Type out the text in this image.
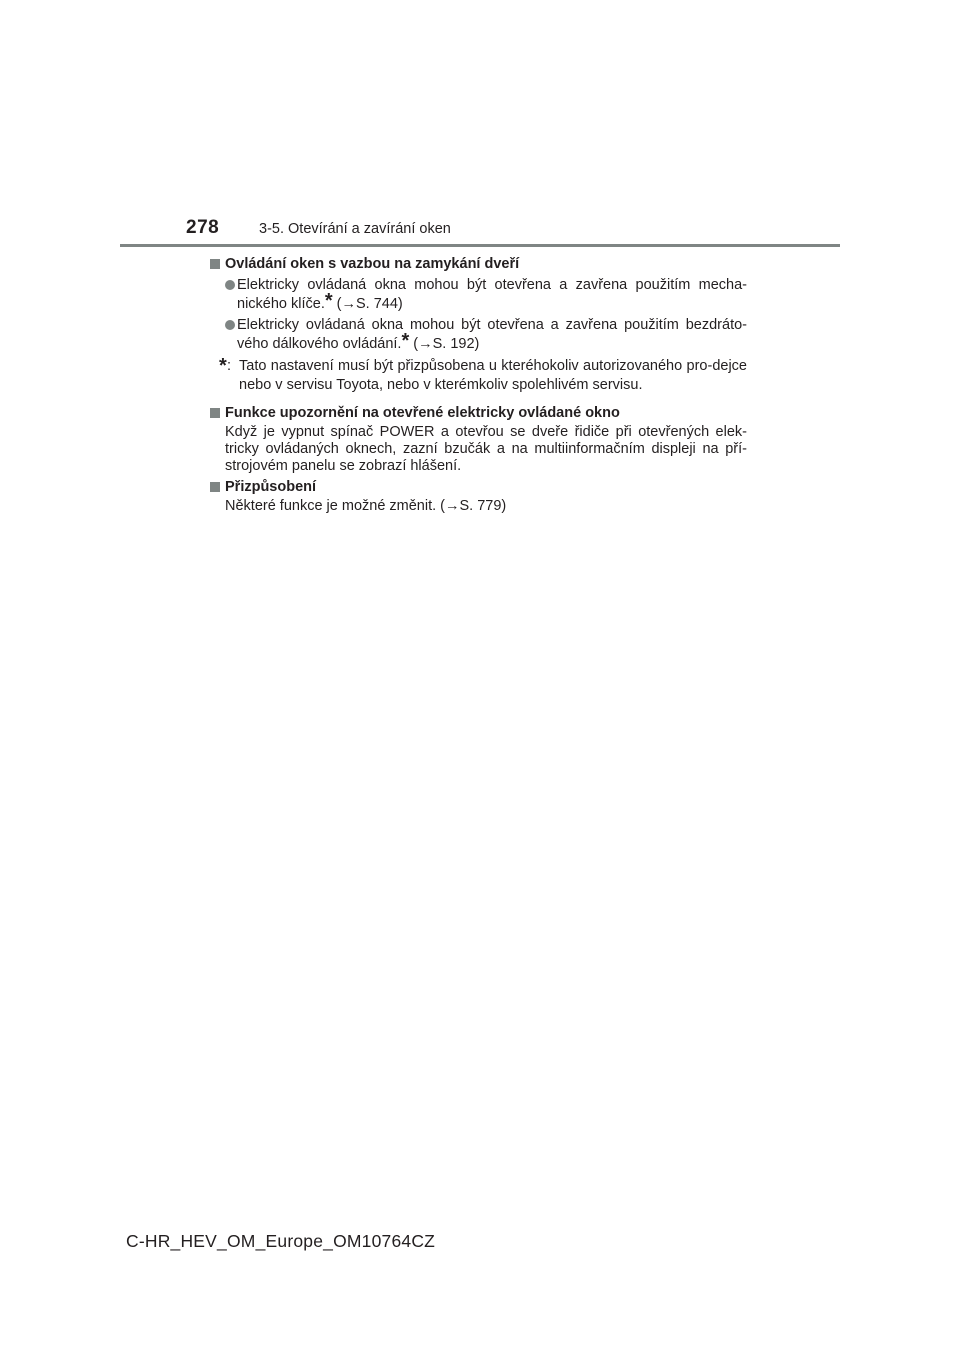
278	3-5. Otevírání a zavírání oken
Ovládání oken s vazbou na zamykání dveří
Elektricky ovládaná okna mohou být otevřena a zavřena použitím mecha-nického klíče.* (→S. 744)
Elektricky ovládaná okna mohou být otevřena a zavřena použitím bezdráto-vého dálkového ovládání.* (→S. 192)
* : Tato nastavení musí být přizpůsobena u kteréhokoliv autorizovaného pro-dejce nebo v servisu Toyota, nebo v kterémkoliv spolehlivém servisu.
Funkce upozornění na otevřené elektricky ovládané okno
Když je vypnut spínač POWER a otevřou se dveře řidiče při otevřených elek-tricky ovládaných oknech, zazní bzučák a na multiinformačním displeji na pří-strojovém panelu se zobrazí hlášení.
Přizpůsobení
Některé funkce je možné změnit. (→S. 779)
C-HR_HEV_OM_Europe_OM10764CZ
